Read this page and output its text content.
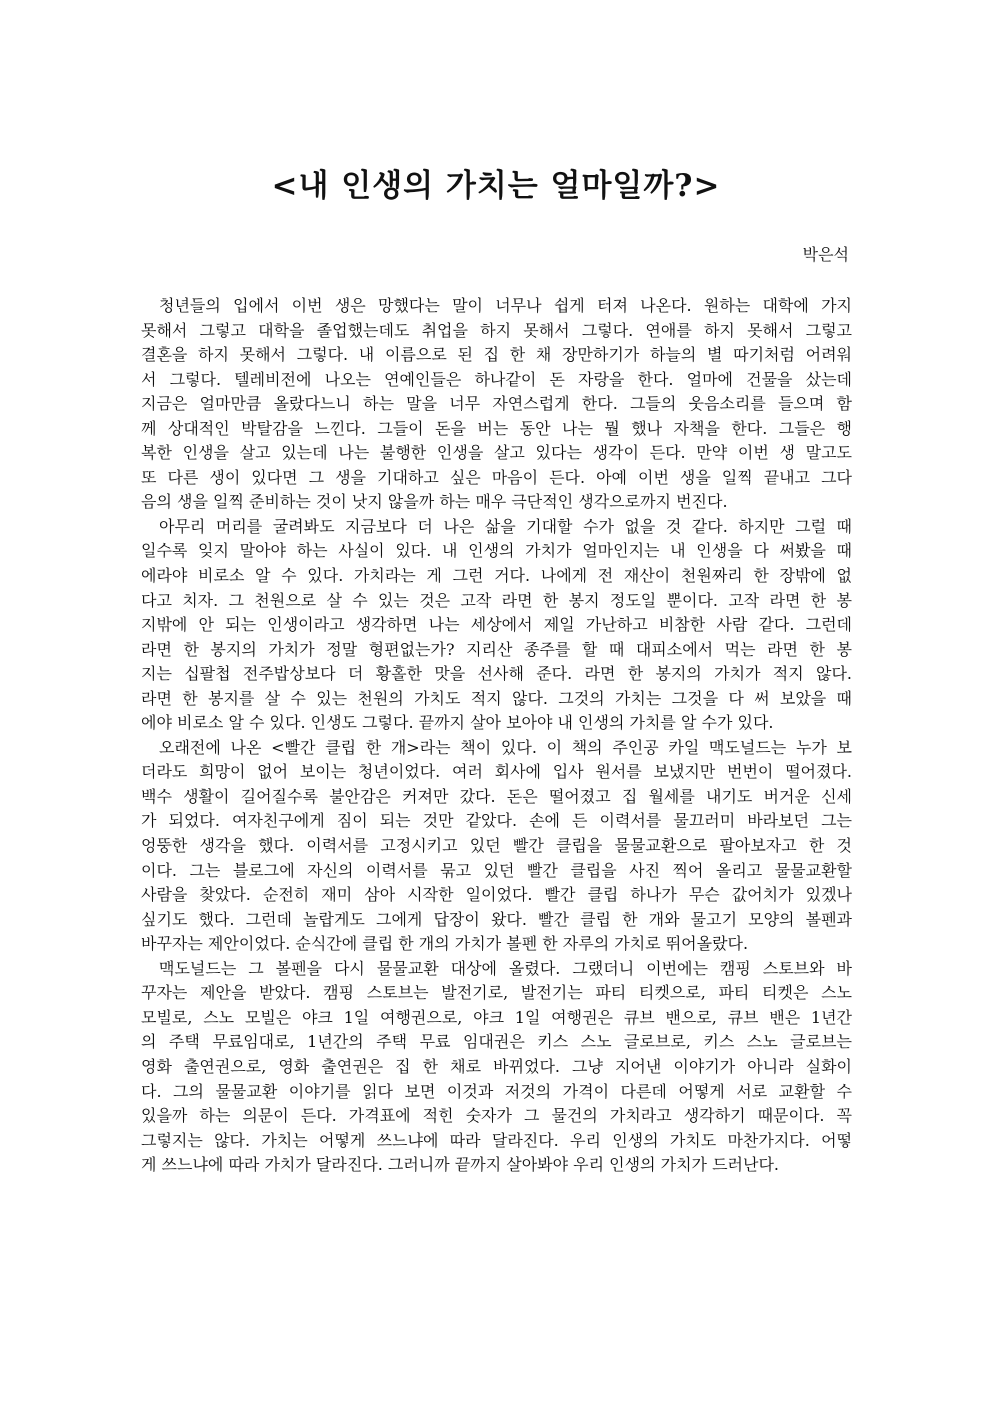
<내 인생의 가치는 얼마일까?>
박은석
청년들의 입에서 이번 생은 망했다는 말이 너무나 쉽게 터져 나온다. 원하는 대학에 가지
못해서 그렇고 대학을 졸업했는데도 취업을 하지 못해서 그렇다. 연애를 하지 못해서 그렇고
결혼을 하지 못해서 그렇다. 내 이름으로 된 집 한 채 장만하기가 하늘의 별 따기처럼 어려워
서 그렇다. 텔레비전에 나오는 연예인들은 하나같이 돈 자랑을 한다. 얼마에 건물을 샀는데
지금은 얼마만큼 올랐다느니 하는 말을 너무 자연스럽게 한다. 그들의 웃음소리를 들으며 함
께 상대적인 박탈감을 느낀다. 그들이 돈을 버는 동안 나는 뭘 했나 자책을 한다. 그들은 행
복한 인생을 살고 있는데 나는 불행한 인생을 살고 있다는 생각이 든다. 만약 이번 생 말고도
또 다른 생이 있다면 그 생을 기대하고 싶은 마음이 든다. 아예 이번 생을 일찍 끝내고 그다
음의 생을 일찍 준비하는 것이 낫지 않을까 하는 매우 극단적인 생각으로까지 번진다.
아무리 머리를 굴려봐도 지금보다 더 나은 삶을 기대할 수가 없을 것 같다. 하지만 그럴 때
일수록 잊지 말아야 하는 사실이 있다. 내 인생의 가치가 얼마인지는 내 인생을 다 써봤을 때
에라야 비로소 알 수 있다. 가치라는 게 그런 거다. 나에게 전 재산이 천원짜리 한 장밖에 없
다고 치자. 그 천원으로 살 수 있는 것은 고작 라면 한 봉지 정도일 뿐이다. 고작 라면 한 봉
지밖에 안 되는 인생이라고 생각하면 나는 세상에서 제일 가난하고 비참한 사람 같다. 그런데
라면 한 봉지의 가치가 정말 형편없는가? 지리산 종주를 할 때 대피소에서 먹는 라면 한 봉
지는 십팔첩 전주밥상보다 더 황홀한 맛을 선사해 준다. 라면 한 봉지의 가치가 적지 않다.
라면 한 봉지를 살 수 있는 천원의 가치도 적지 않다. 그것의 가치는 그것을 다 써 보았을 때
에야 비로소 알 수 있다. 인생도 그렇다. 끝까지 살아 보아야 내 인생의 가치를 알 수가 있다.
오래전에 나온 <빨간 클립 한 개>라는 책이 있다. 이 책의 주인공 카일 맥도널드는 누가 보
더라도 희망이 없어 보이는 청년이었다. 여러 회사에 입사 원서를 보냈지만 번번이 떨어졌다.
백수 생활이 길어질수록 불안감은 커져만 갔다. 돈은 떨어졌고 집 월세를 내기도 버거운 신세
가 되었다. 여자친구에게 짐이 되는 것만 같았다. 손에 든 이력서를 물끄러미 바라보던 그는
엉뚱한 생각을 했다. 이력서를 고정시키고 있던 빨간 클립을 물물교환으로 팔아보자고 한 것
이다. 그는 블로그에 자신의 이력서를 묶고 있던 빨간 클립을 사진 찍어 올리고 물물교환할
사람을 찾았다. 순전히 재미 삼아 시작한 일이었다. 빨간 클립 하나가 무슨 값어치가 있겠나
싶기도 했다. 그런데 놀랍게도 그에게 답장이 왔다. 빨간 클립 한 개와 물고기 모양의 볼펜과
바꾸자는 제안이었다. 순식간에 클립 한 개의 가치가 볼펜 한 자루의 가치로 뛰어올랐다.
맥도널드는 그 볼펜을 다시 물물교환 대상에 올렸다. 그랬더니 이번에는 캠핑 스토브와 바
꾸자는 제안을 받았다. 캠핑 스토브는 발전기로, 발전기는 파티 티켓으로, 파티 티켓은 스노
모빌로, 스노 모빌은 야크 1일 여행권으로, 야크 1일 여행권은 큐브 밴으로, 큐브 밴은 1년간
의 주택 무료임대로, 1년간의 주택 무료 임대권은 키스 스노 글로브로, 키스 스노 글로브는
영화 출연권으로, 영화 출연권은 집 한 채로 바뀌었다. 그냥 지어낸 이야기가 아니라 실화이
다. 그의 물물교환 이야기를 읽다 보면 이것과 저것의 가격이 다른데 어떻게 서로 교환할 수
있을까 하는 의문이 든다. 가격표에 적힌 숫자가 그 물건의 가치라고 생각하기 때문이다. 꼭
그렇지는 않다. 가치는 어떻게 쓰느냐에 따라 달라진다. 우리 인생의 가치도 마찬가지다. 어떻
게 쓰느냐에 따라 가치가 달라진다. 그러니까 끝까지 살아봐야 우리 인생의 가치가 드러난다.
